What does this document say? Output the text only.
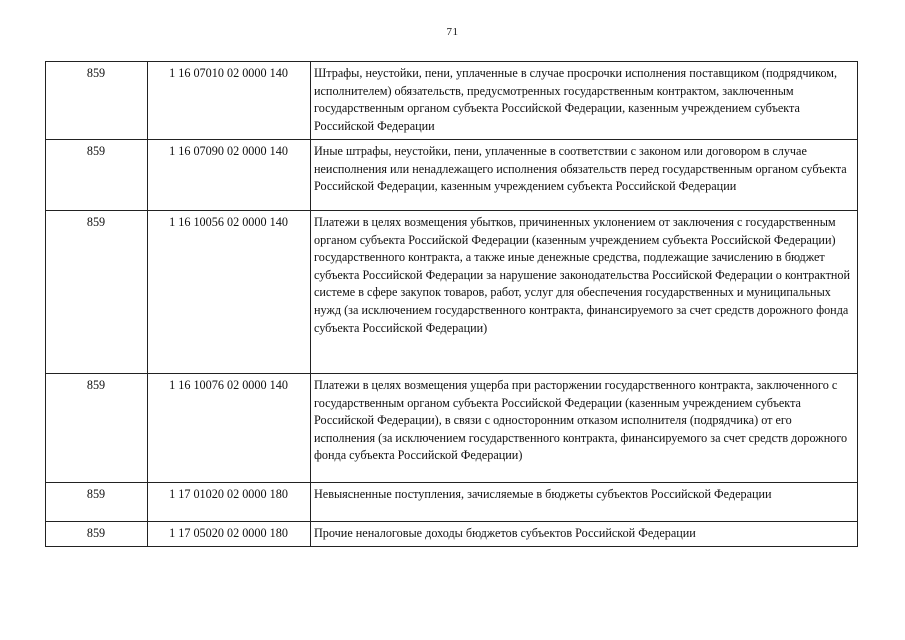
71
859	1 16 07010 02 0000 140	Штрафы, неустойки, пени, уплаченные в случае просрочки исполнения поставщиком (подрядчиком, исполнителем) обязательств, предусмотренных государственным контрактом, заключенным государственным органом субъекта Российской Федерации, казенным учреждением субъекта Российской Федерации
859	1 16 07090 02 0000 140	Иные штрафы, неустойки, пени, уплаченные в соответствии с законом или договором в случае неисполнения или ненадлежащего исполнения обязательств перед государственным органом субъекта Российской Федерации, казенным учреждением субъекта Российской Федерации
859	1 16 10056 02 0000 140	Платежи в целях возмещения убытков, причиненных уклонением от заключения с государственным органом субъекта Российской Федерации (казенным учреждением субъекта Российской Федерации) государственного контракта, а также иные денежные средства, подлежащие зачислению в бюджет субъекта Российской Федерации за нарушение законодательства Российской Федерации о контрактной системе в сфере закупок товаров, работ, услуг для обеспечения государственных и муниципальных нужд (за исключением государственного контракта, финансируемого за счет средств дорожного фонда субъекта Российской Федерации)
859	1 16 10076 02 0000 140	Платежи в целях возмещения ущерба при расторжении государственного контракта, заключенного с государственным органом субъекта Российской Федерации (казенным учреждением субъекта Российской Федерации), в связи с односторонним отказом исполнителя (подрядчика) от его исполнения (за исключением государственного контракта, финансируемого за счет средств дорожного фонда субъекта Российской Федерации)
859	1 17 01020 02 0000 180	Невыясненные поступления, зачисляемые в бюджеты субъектов Российской Федерации
859	1 17 05020 02 0000 180	Прочие неналоговые доходы бюджетов субъектов Российской Федерации
